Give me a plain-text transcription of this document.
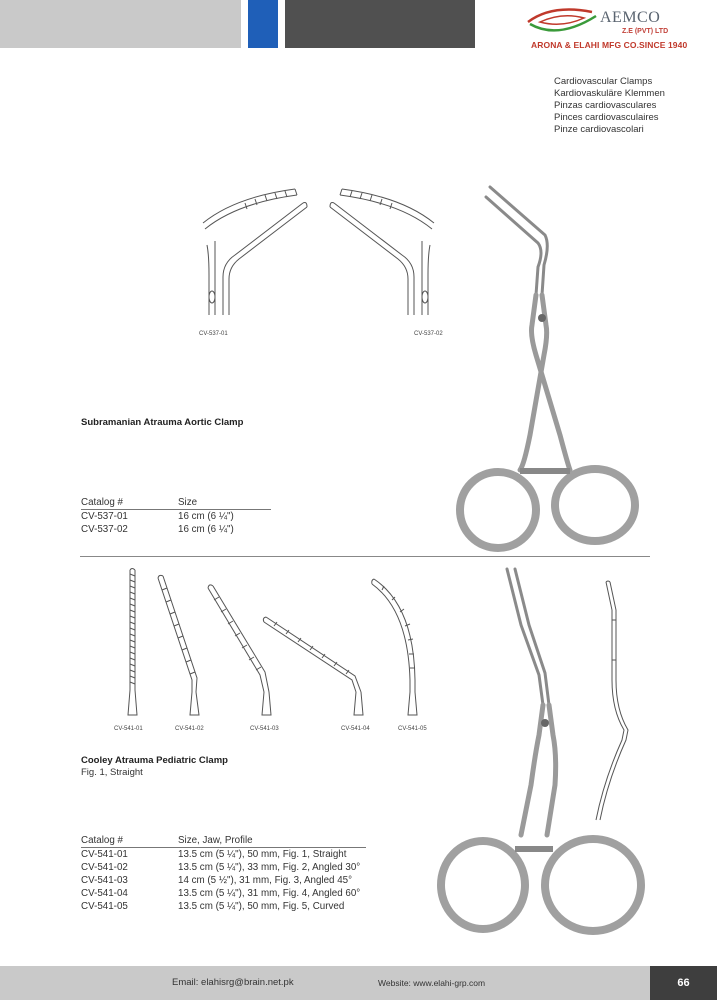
AEMCO
Z.E (PVT) LTD
ARONA & ELAHI MFG CO.SINCE 1940
Cardiovascular Clamps
Kardiovaskuläre Klemmen
Pinzas cardiovasculares
Pinces cardiovasculaires
Pinze cardiovascolari
CV-537-01	CV-537-02
Subramanian Atrauma Aortic Clamp
Catalog #	Size
CV-537-01	16 cm (6 ¼")
CV-537-02	16 cm (6 ¼")
CV-541-01	CV-541-02	CV-541-03	CV-541-04	CV-541-05
Cooley Atrauma Pediatric Clamp
Fig. 1, Straight
Catalog #	Size, Jaw, Profile
CV-541-01	13.5 cm (5 ¼"), 50 mm, Fig. 1, Straight
CV-541-02	13.5 cm (5 ¼"), 33 mm, Fig. 2, Angled 30°
CV-541-03	14 cm (5 ½"), 31 mm, Fig. 3, Angled 45°
CV-541-04	13.5 cm (5 ¼"), 31 mm, Fig. 4, Angled 60°
CV-541-05	13.5 cm (5 ¼"), 50 mm, Fig. 5, Curved
Email: elahisrg@brain.net.pk	Website: www.elahi-grp.com	66
